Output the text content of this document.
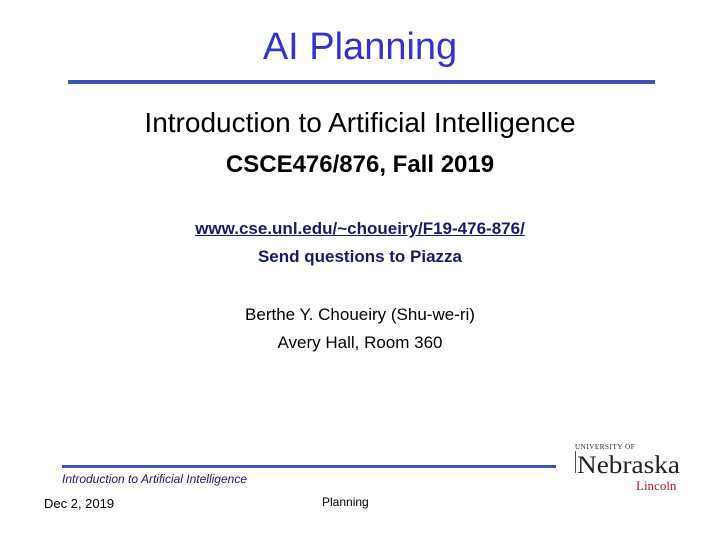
AI Planning
Introduction to Artificial Intelligence
CSCE476/876, Fall 2019
www.cse.unl.edu/~choueiry/F19-476-876/
Send questions to Piazza
Berthe Y. Choueiry (Shu-we-ri)
Avery Hall, Room 360
Introduction to Artificial Intelligence
Dec 2, 2019	Planning
UNIVERSITY OF
Nebraska
Lincoln
